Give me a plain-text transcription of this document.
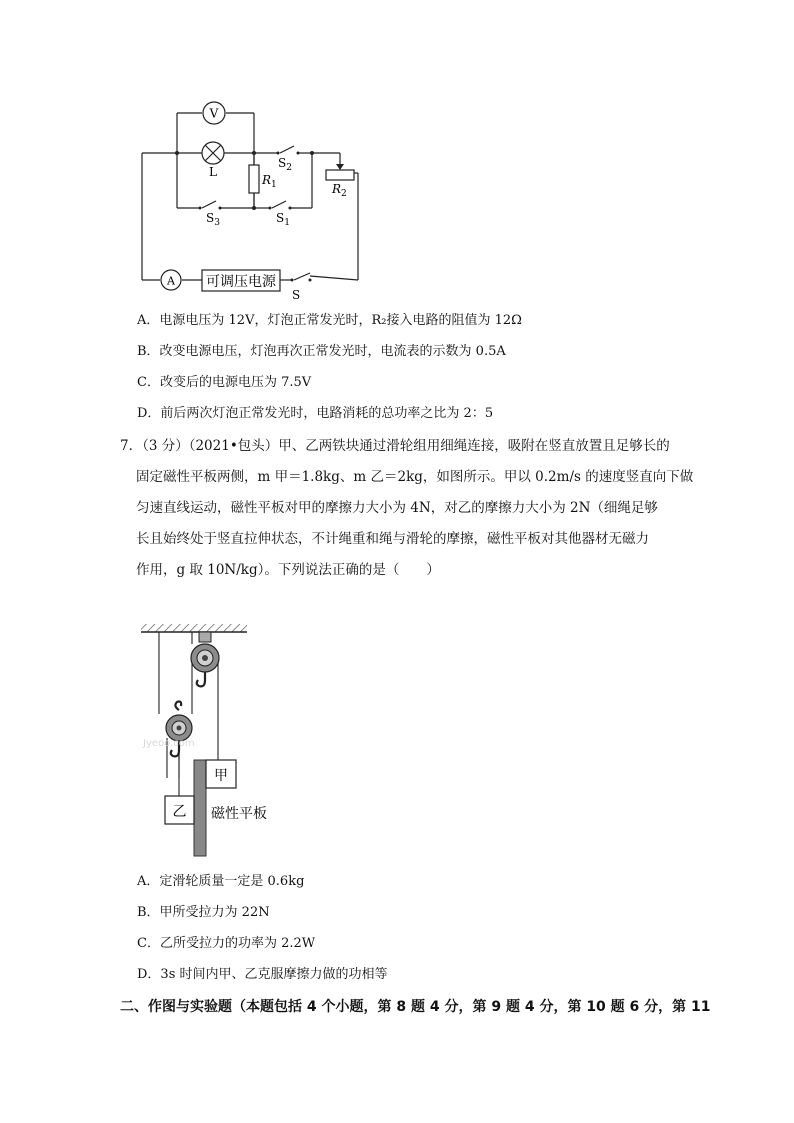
V
L
$R_1$	$R_2$
$S_2$
$S_3$	$S_1$
A 可调压电源
S
A．电源电压为 12V，灯泡正常发光时，R₂接入电路的阻值为 12Ω
B．改变电源电压，灯泡再次正常发光时，电流表的示数为 0.5A
C．改变后的电源电压为 7.5V
D．前后两次灯泡正常发光时，电路消耗的总功率之比为 2：5
7．（3 分）（2021•包头）甲、乙两铁块通过滑轮组用细绳连接，吸附在竖直放置且足够长的
固定磁性平板两侧，m 甲＝1.8kg、m 乙＝2kg，如图所示。甲以 0.2m/s 的速度竖直向下做
匀速直线运动，磁性平板对甲的摩擦力大小为 4N，对乙的摩擦力大小为 2N（细绳足够
长且始终处于竖直拉伸状态，不计绳重和绳与滑轮的摩擦，磁性平板对其他器材无磁力
作用，g 取 10N/kg）。下列说法正确的是（　　）
Jyeoo.com
甲
乙 磁性平板
A．定滑轮质量一定是 0.6kg
B．甲所受拉力为 22N
C．乙所受拉力的功率为 2.2W
D．3s 时间内甲、乙克服摩擦力做的功相等
二、作图与实验题（本题包括 4 个小题，第 8 题 4 分，第 9 题 4 分，第 10 题 6 分，第 11
